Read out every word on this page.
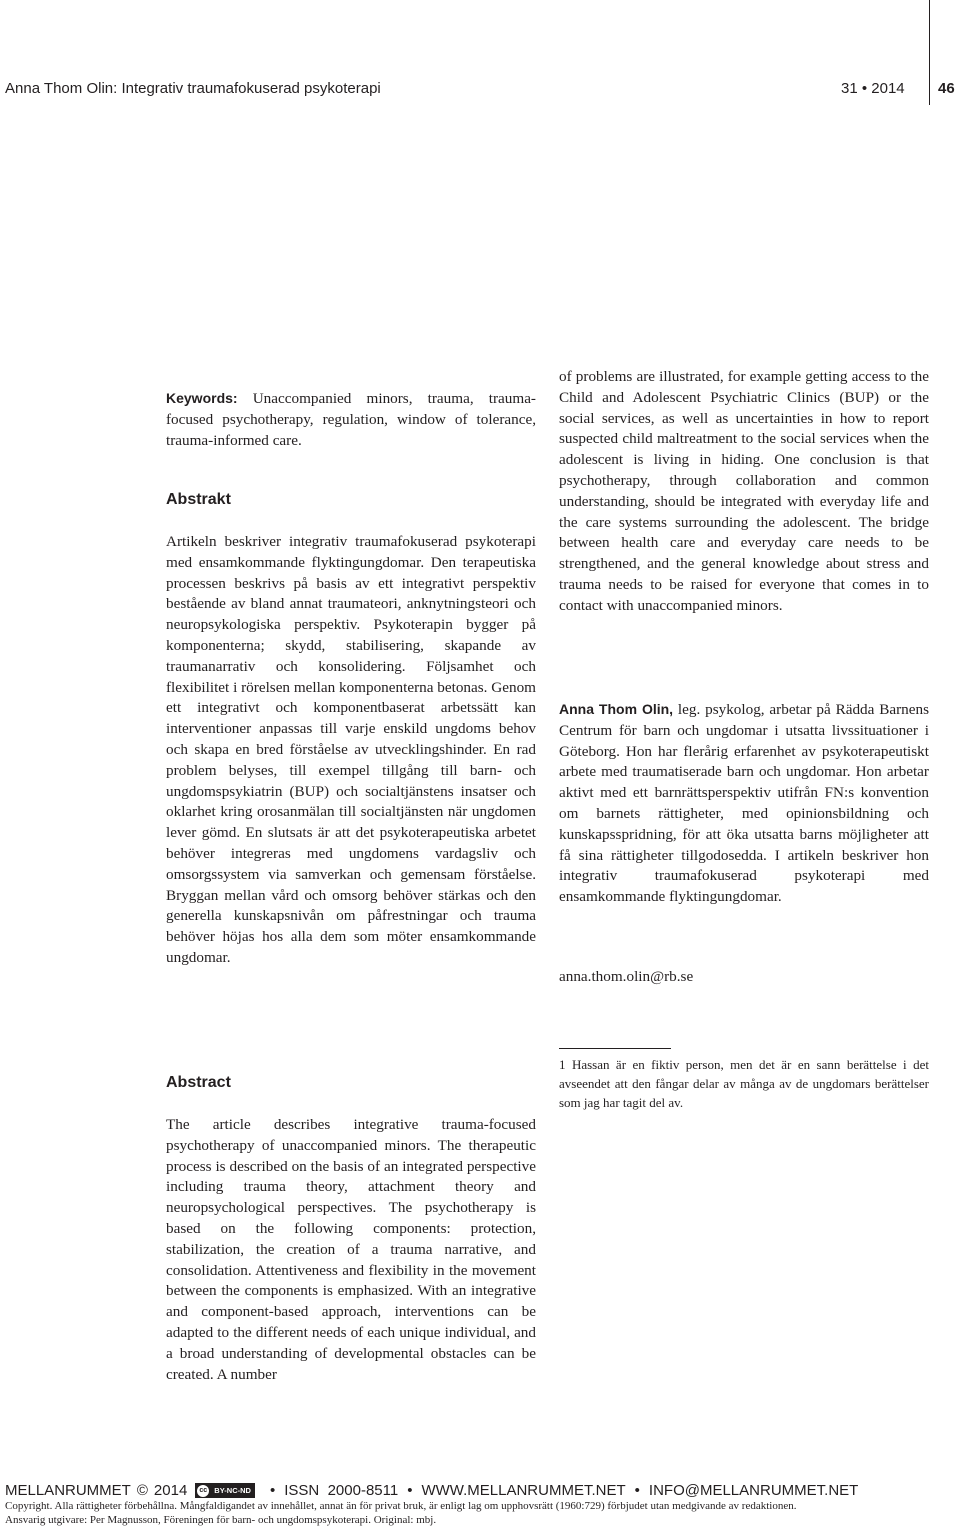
Anna Thom Olin: Integrativ traumafokuserad psykoterapi	31 • 2014 46

Keywords: Unaccompanied minors, trauma, trauma-focused psychotherapy, regulation, window of tolerance, trauma-informed care.

Abstrakt

Artikeln beskriver integrativ traumafokuserad psykoterapi med ensamkommande flyktingungdomar. Den terapeutiska processen beskrivs på basis av ett integrativt perspektiv bestående av bland annat traumateori, anknytningsteori och neuropsykologiska perspektiv. Psykoterapin bygger på komponenterna; skydd, stabilisering, skapande av traumanarrativ och konsolidering. Följsamhet och flexibilitet i rörelsen mellan komponenterna betonas. Genom ett integrativt och komponentbaserat arbetssätt kan interventioner anpassas till varje enskild ungdoms behov och skapa en bred förståelse av utvecklingshinder. En rad problem belyses, till exempel tillgång till barn- och ungdomspsykiatrin (BUP) och socialtjänstens insatser och oklarhet kring orosanmälan till socialtjänsten när ungdomen lever gömd. En slutsats är att det psykoterapeutiska arbetet behöver integreras med ungdomens vardagsliv och omsorgssystem via samverkan och gemensam förståelse. Bryggan mellan vård och omsorg behöver stärkas och den generella kunskapsnivån om påfrestningar och trauma behöver höjas hos alla dem som möter ensamkommande ungdomar.

Abstract

The article describes integrative trauma-focused psychotherapy of unaccompanied minors. The therapeutic process is described on the basis of an integrated perspective including trauma theory, attachment theory and neuropsychological perspectives. The psychotherapy is based on the following components: protection, stabilization, the creation of a trauma narrative, and consolidation. Attentiveness and flexibility in the movement between the components is emphasized. With an integrative and component-based approach, interventions can be adapted to the different needs of each unique individual, and a broad understanding of developmental obstacles can be created. A number

of problems are illustrated, for example getting access to the Child and Adolescent Psychiatric Clinics (BUP) or the social services, as well as uncertainties in how to report suspected child maltreatment to the social services when the adolescent is living in hiding. One conclusion is that psychotherapy, through collaboration and common understanding, should be integrated with everyday life and the care systems surrounding the adolescent. The bridge between health care and everyday care needs to be strengthened, and the general knowledge about stress and trauma needs to be raised for everyone that comes in to contact with unaccompanied minors.

Anna Thom Olin, leg. psykolog, arbetar på Rädda Barnens Centrum för barn och ungdomar i utsatta livssituationer i Göteborg. Hon har flerårig erfarenhet av psykoterapeutiskt arbete med traumatiserade barn och ungdomar. Hon arbetar aktivt med ett barnrättsperspektiv utifrån FN:s konvention om barnets rättigheter, med opinionsbildning och kunskapsspridning, för att öka utsatta barns möjligheter att få sina rättigheter tillgodosedda. I artikeln beskriver hon integrativ traumafokuserad psykoterapi med ensamkommande flyktingungdomar.

anna.thom.olin@rb.se

1 Hassan är en fiktiv person, men det är en sann berättelse i det avseendet att den fångar delar av många av de ungdomars berättelser som jag har tagit del av.

MELLANRUMMET © 2014 cc BY-NC-ND • ISSN  2000-8511 • WWW.MELLANRUMMET.NET • INFO@MELLANRUMMET.NET
Copyright. Alla rättigheter förbehållna. Mångfaldigandet av innehållet, annat än för privat bruk, är enligt lag om upphovsrätt (1960:729) förbjudet utan medgivande av redaktionen.
Ansvarig utgivare: Per Magnusson, Föreningen för barn- och ungdomspsykoterapi. Original: mbj.
